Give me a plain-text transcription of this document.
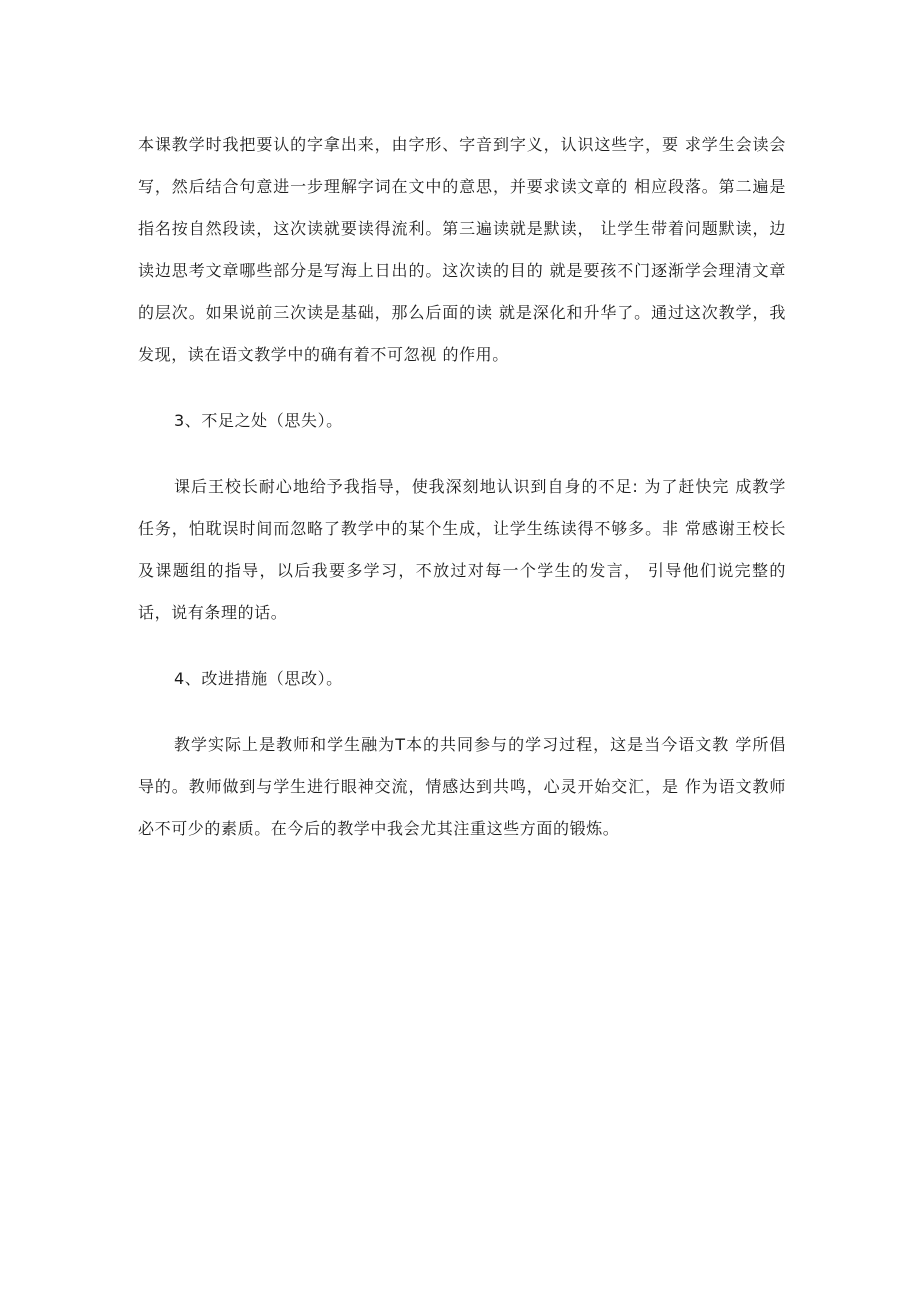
本课教学时我把要认的字拿出来，由字形、字音到字义，认识这些字，要 求学生会读会写，然后结合句意进一步理解字词在文中的意思，并要求读文章的 相应段落。第二遍是指名按自然段读，这次读就要读得流利。第三遍读就是默读， 让学生带着问题默读，边读边思考文章哪些部分是写海上日出的。这次读的目的 就是要孩不门逐渐学会理清文章的层次。如果说前三次读是基础，那么后面的读 就是深化和升华了。通过这次教学，我发现，读在语文教学中的确有着不可忽视 的作用。

3、不足之处（思失）。

课后王校长耐心地给予我指导，使我深刻地认识到自身的不足: 为了赶快完 成教学任务，怕耽误时间而忽略了教学中的某个生成，让学生练读得不够多。非 常感谢王校长及课题组的指导，以后我要多学习，不放过对每一个学生的发言， 引导他们说完整的话，说有条理的话。

4、改进措施（思改）。

教学实际上是教师和学生融为T本的共同参与的学习过程，这是当今语文教 学所倡导的。教师做到与学生进行眼神交流，情感达到共鸣，心灵开始交汇，是 作为语文教师必不可少的素质。在今后的教学中我会尤其注重这些方面的锻炼。
